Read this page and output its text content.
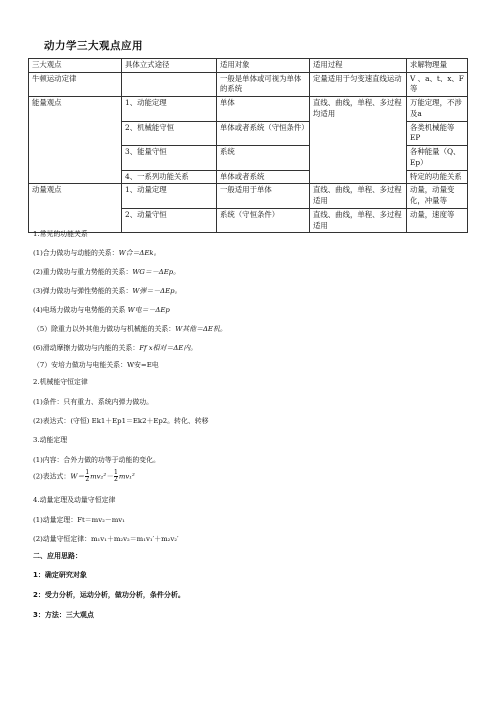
动力学三大观点应用
三大观点	具体立式途径	适用对象	适用过程	求解物理量
牛顿运动定律		一般是单体或可视为单体的系统	定量适用于匀变速直线运动	V 、a、t、x、F等
能量观点	1、动能定理	单体	直线、曲线，单程、多过程均适用	万能定理，不涉及a
	2、机械能守恒	单体或者系统（守恒条件）		各类机械能等EP
	3、能量守恒	系统		各种能量（Q、Ep）
	4、一系列功能关系	单体或者系统		特定的功能关系
动量观点	1、动量定理	一般适用于单体	直线、曲线，单程、多过程适用	动量，动量变化，冲量等
	2、动量守恒	系统（守恒条件）	直线、曲线，单程、多过程适用	动量，速度等
1.常见的功能关系
(1)合力做功与动能的关系：W合＝ΔEk。
(2)重力做功与重力势能的关系：WG＝－ΔEp。
(3)弹力做功与弹性势能的关系：W弹＝－ΔEp。
(4)电场力做功与电势能的关系 W电＝－ΔEp
（5）除重力以外其他力做功与机械能的关系：W其他＝ΔE机。
(6)滑动摩擦力做功与内能的关系：Ff x相对＝ΔE内。
（7）安培力做功与电能关系：W安=E电
2.机械能守恒定律
(1)条件：只有重力、系统内弹力做功。
(2)表达式：(守恒) Ek1＋Ep1＝Ek2＋Ep2。转化、转移
3.动能定理
(1)内容：合外力做的功等于动能的变化。
(2)表达式：$W= \frac{1}{2} mv_2^2- \frac{1}{2} mv_1^2$
4.动量定理及动量守恒定律
(1)动量定理：Ft＝mv₂－mv₁
(2)动量守恒定律：m₁v₁＋m₂v₂＝m₁v₁′＋m₂v₂′
二、应用思路：
1：确定研究对象
2：受力分析，运动分析，做功分析，条件分析。
3：方法：三大观点
